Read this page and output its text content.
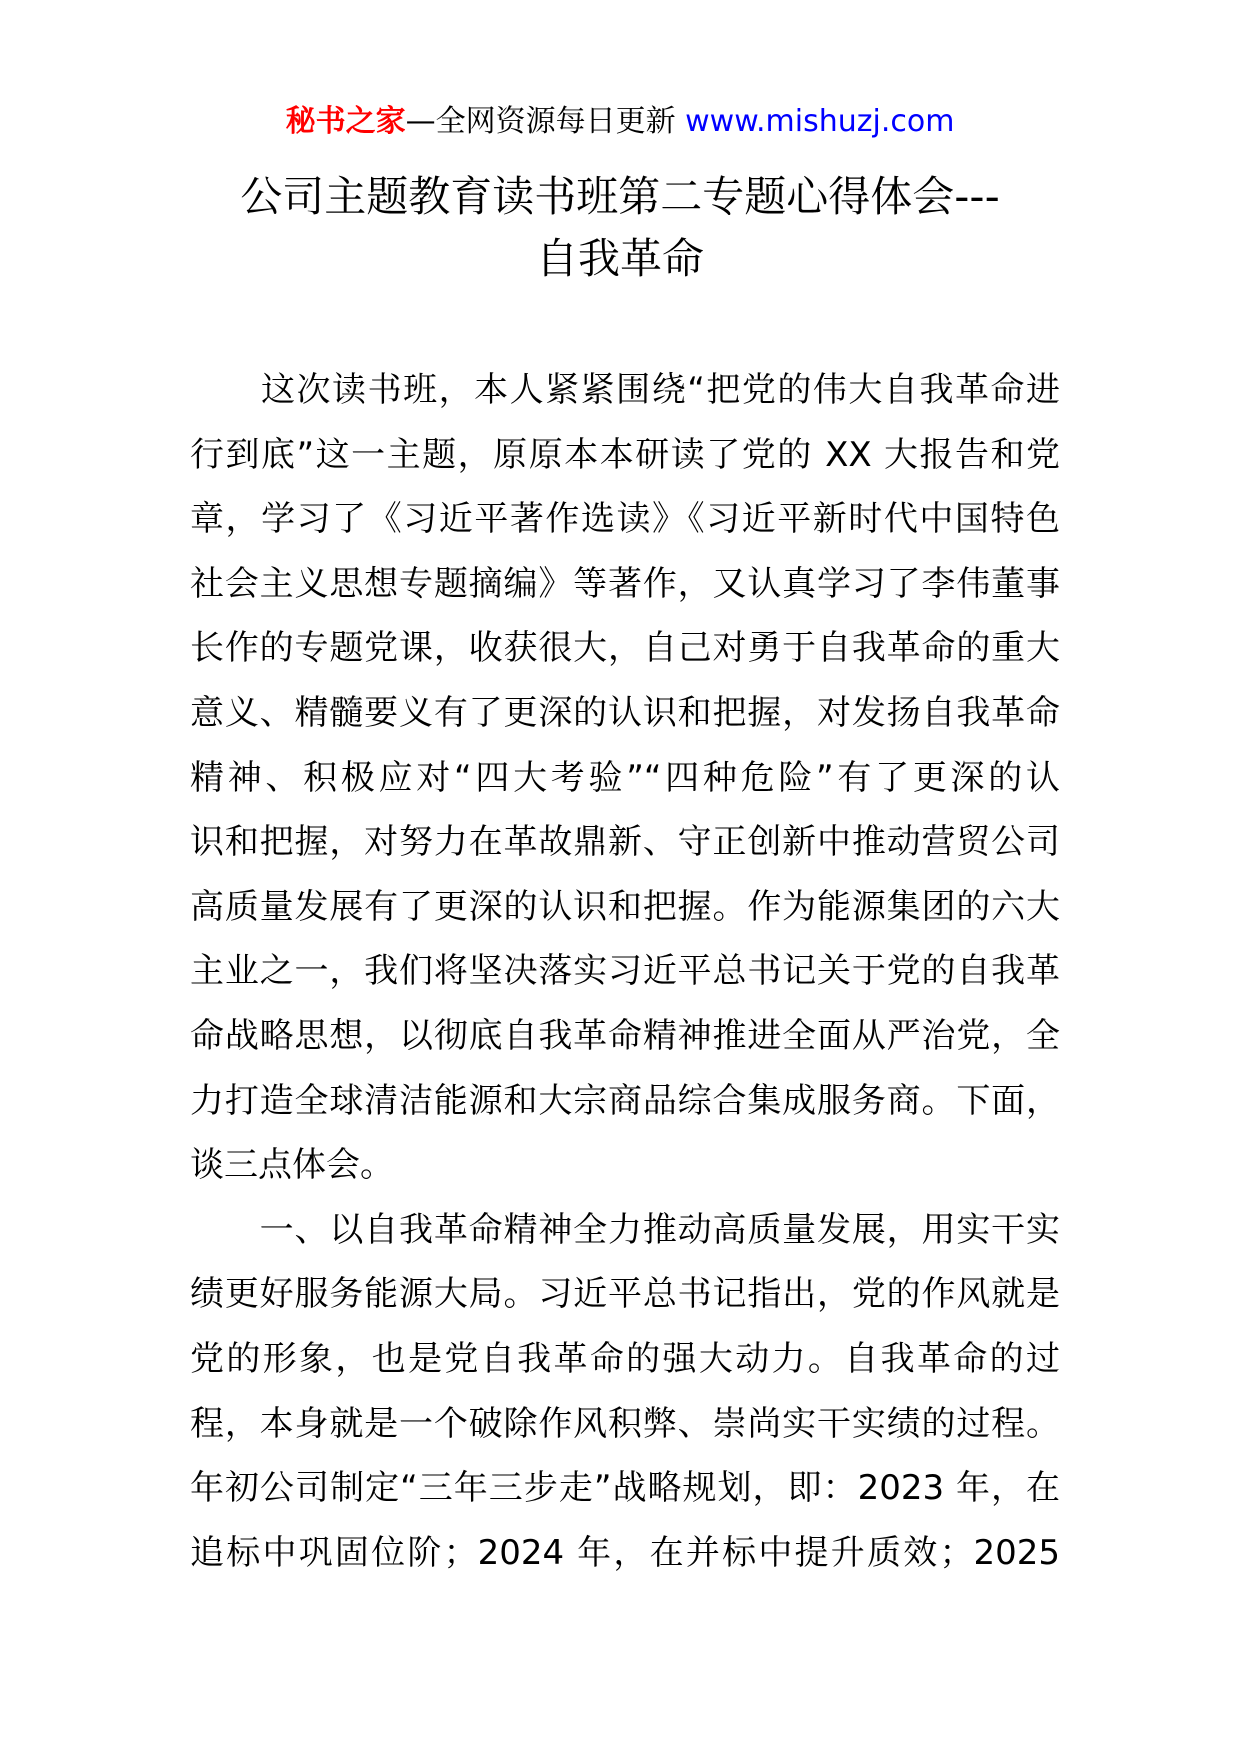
秘书之家—全网资源每日更新 www.mishuzj.com
公司主题教育读书班第二专题心得体会---
自我革命
　　这次读书班，本人紧紧围绕“把党的伟大自我革命进
行到底”这一主题，原原本本研读了党的 XX 大报告和党
章，学习了《习近平著作选读》《习近平新时代中国特色
社会主义思想专题摘编》等著作，又认真学习了李伟董事
长作的专题党课，收获很大，自己对勇于自我革命的重大
意义、精髓要义有了更深的认识和把握，对发扬自我革命
精神、积极应对“四大考验”“四种危险”有了更深的认
识和把握，对努力在革故鼎新、守正创新中推动营贸公司
高质量发展有了更深的认识和把握。作为能源集团的六大
主业之一，我们将坚决落实习近平总书记关于党的自我革
命战略思想，以彻底自我革命精神推进全面从严治党，全
力打造全球清洁能源和大宗商品综合集成服务商。下面，
谈三点体会。
　　一、以自我革命精神全力推动高质量发展，用实干实
绩更好服务能源大局。习近平总书记指出，党的作风就是
党的形象，也是党自我革命的强大动力。自我革命的过
程，本身就是一个破除作风积弊、崇尚实干实绩的过程。
年初公司制定“三年三步走”战略规划，即：2023 年，在
追标中巩固位阶；2024 年，在并标中提升质效；2025
